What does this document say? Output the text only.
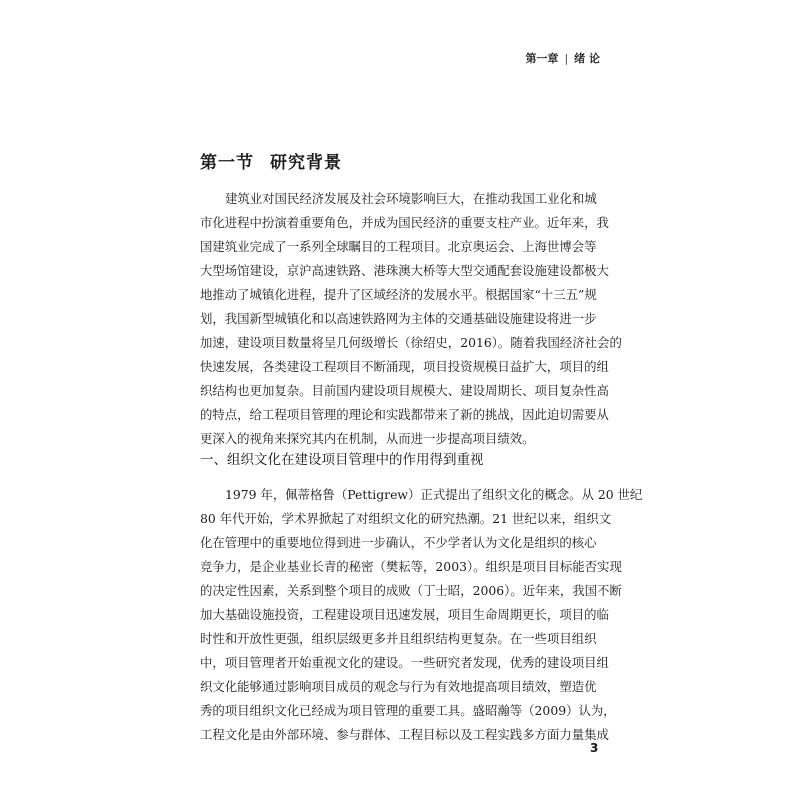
第一章 | 绪 论
第一节 研究背景
建筑业对国民经济发展及社会环境影响巨大，在推动我国工业化和城
市化进程中扮演着重要角色，并成为国民经济的重要支柱产业。近年来，我
国建筑业完成了一系列全球瞩目的工程项目。北京奥运会、上海世博会等
大型场馆建设，京沪高速铁路、港珠澳大桥等大型交通配套设施建设都极大
地推动了城镇化进程，提升了区域经济的发展水平。根据国家“十三五”规
划，我国新型城镇化和以高速铁路网为主体的交通基础设施建设将进一步
加速，建设项目数量将呈几何级增长（徐绍史，2016）。随着我国经济社会的
快速发展，各类建设工程项目不断涌现，项目投资规模日益扩大，项目的组
织结构也更加复杂。目前国内建设项目规模大、建设周期长、项目复杂性高
的特点，给工程项目管理的理论和实践都带来了新的挑战，因此迫切需要从
更深入的视角来探究其内在机制，从而进一步提高项目绩效。
一、组织文化在建设项目管理中的作用得到重视
1979 年，佩蒂格鲁（Pettigrew）正式提出了组织文化的概念。从 20 世纪
80 年代开始，学术界掀起了对组织文化的研究热潮。21 世纪以来，组织文
化在管理中的重要地位得到进一步确认，不少学者认为文化是组织的核心
竞争力，是企业基业长青的秘密（樊耘等，2003）。组织是项目目标能否实现
的决定性因素，关系到整个项目的成败（丁士昭，2006）。近年来，我国不断
加大基础设施投资，工程建设项目迅速发展，项目生命周期更长，项目的临
时性和开放性更强，组织层级更多并且组织结构更复杂。在一些项目组织
中，项目管理者开始重视文化的建设。一些研究者发现，优秀的建设项目组
织文化能够通过影响项目成员的观念与行为有效地提高项目绩效，塑造优
秀的项目组织文化已经成为项目管理的重要工具。盛昭瀚等（2009）认为，
工程文化是由外部环境、参与群体、工程目标以及工程实践多方面力量集成
3
